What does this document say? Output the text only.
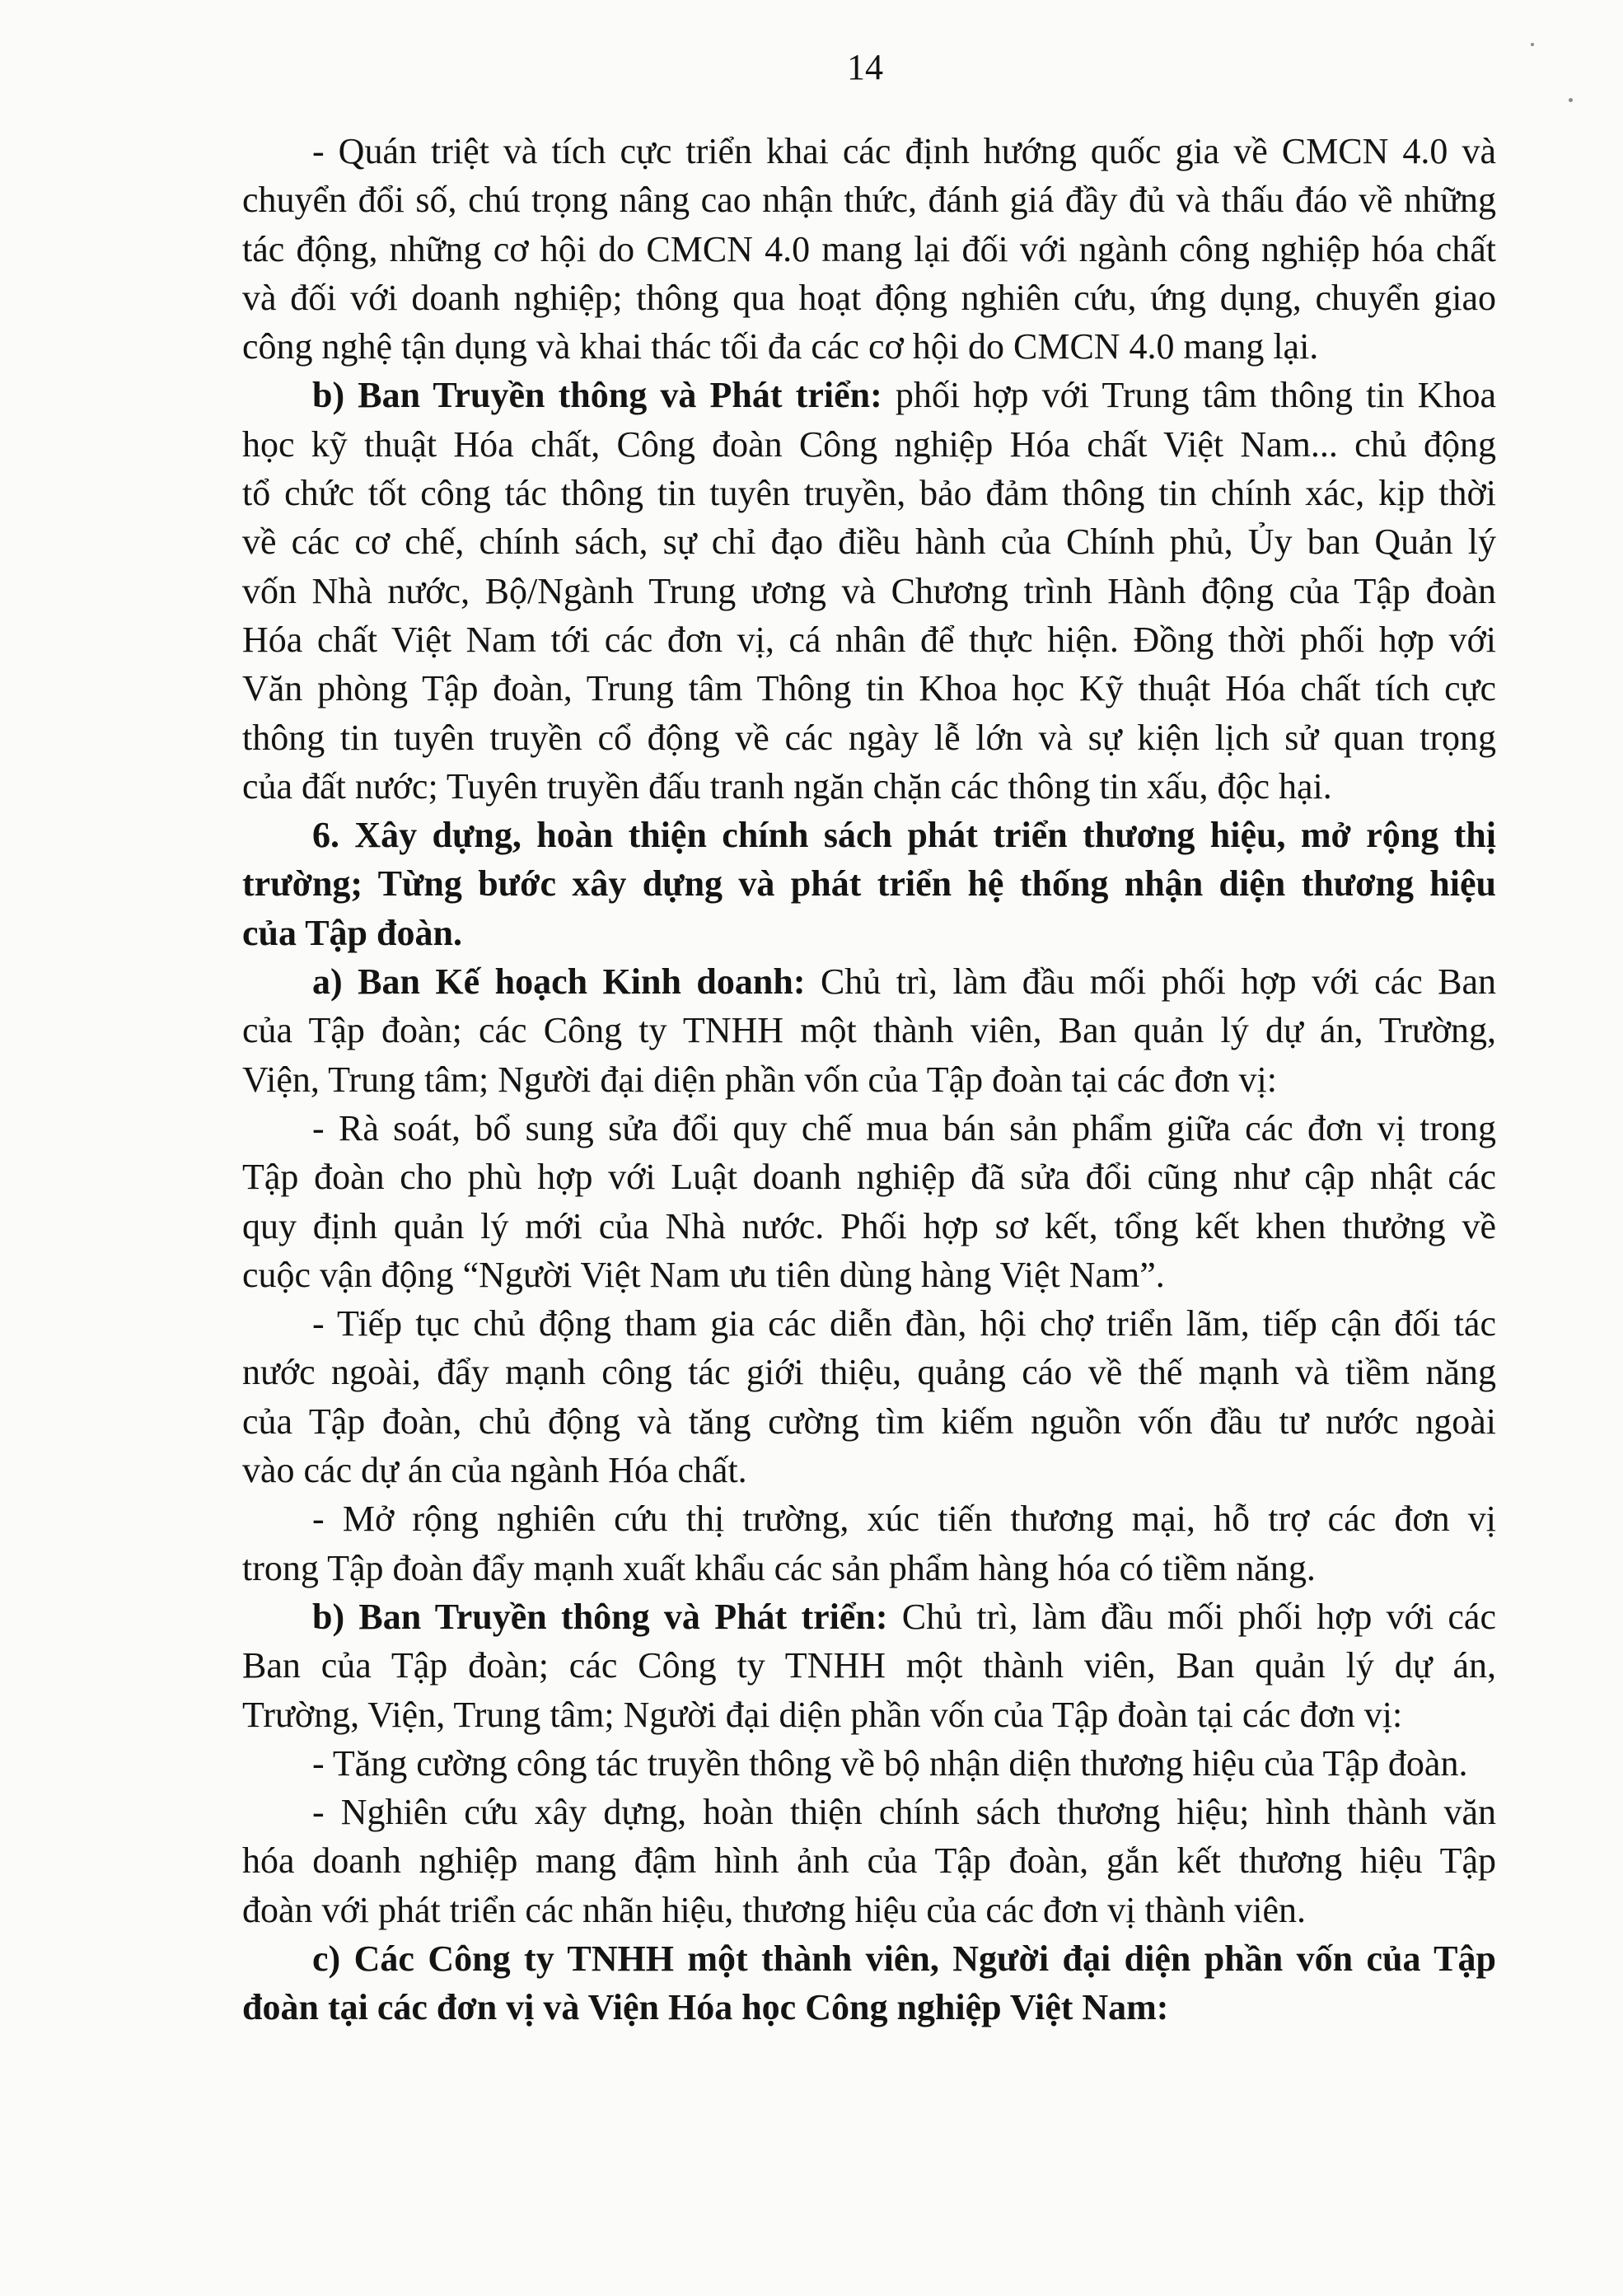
14
- Quán triệt và tích cực triển khai các định hướng quốc gia về CMCN 4.0 và
chuyển đổi số, chú trọng nâng cao nhận thức, đánh giá đầy đủ và thấu đáo về những
tác động, những cơ hội do CMCN 4.0 mang lại đối với ngành công nghiệp hóa chất
và đối với doanh nghiệp; thông qua hoạt động nghiên cứu, ứng dụng, chuyển giao
công nghệ tận dụng và khai thác tối đa các cơ hội do CMCN 4.0 mang lại.
b) Ban Truyền thông và Phát triển: phối hợp với Trung tâm thông tin Khoa
học kỹ thuật Hóa chất, Công đoàn Công nghiệp Hóa chất Việt Nam... chủ động
tổ chức tốt công tác thông tin tuyên truyền, bảo đảm thông tin chính xác, kịp thời
về các cơ chế, chính sách, sự chỉ đạo điều hành của Chính phủ, Ủy ban Quản lý
vốn Nhà nước, Bộ/Ngành Trung ương và Chương trình Hành động của Tập đoàn
Hóa chất Việt Nam tới các đơn vị, cá nhân để thực hiện. Đồng thời phối hợp với
Văn phòng Tập đoàn, Trung tâm Thông tin Khoa học Kỹ thuật Hóa chất tích cực
thông tin tuyên truyền cổ động về các ngày lễ lớn và sự kiện lịch sử quan trọng
của đất nước; Tuyên truyền đấu tranh ngăn chặn các thông tin xấu, độc hại.
6. Xây dựng, hoàn thiện chính sách phát triển thương hiệu, mở rộng thị
trường; Từng bước xây dựng và phát triển hệ thống nhận diện thương hiệu
của Tập đoàn.
a) Ban Kế hoạch Kinh doanh: Chủ trì, làm đầu mối phối hợp với các Ban
của Tập đoàn; các Công ty TNHH một thành viên, Ban quản lý dự án, Trường,
Viện, Trung tâm; Người đại diện phần vốn của Tập đoàn tại các đơn vị:
- Rà soát, bổ sung sửa đổi quy chế mua bán sản phẩm giữa các đơn vị trong
Tập đoàn cho phù hợp với Luật doanh nghiệp đã sửa đổi cũng như cập nhật các
quy định quản lý mới của Nhà nước. Phối hợp sơ kết, tổng kết khen thưởng về
cuộc vận động “Người Việt Nam ưu tiên dùng hàng Việt Nam”.
- Tiếp tục chủ động tham gia các diễn đàn, hội chợ triển lãm, tiếp cận đối tác
nước ngoài, đẩy mạnh công tác giới thiệu, quảng cáo về thế mạnh và tiềm năng
của Tập đoàn, chủ động và tăng cường tìm kiếm nguồn vốn đầu tư nước ngoài
vào các dự án của ngành Hóa chất.
- Mở rộng nghiên cứu thị trường, xúc tiến thương mại, hỗ trợ các đơn vị
trong Tập đoàn đẩy mạnh xuất khẩu các sản phẩm hàng hóa có tiềm năng.
b) Ban Truyền thông và Phát triển: Chủ trì, làm đầu mối phối hợp với các
Ban của Tập đoàn; các Công ty TNHH một thành viên, Ban quản lý dự án,
Trường, Viện, Trung tâm; Người đại diện phần vốn của Tập đoàn tại các đơn vị:
- Tăng cường công tác truyền thông về bộ nhận diện thương hiệu của Tập đoàn.
- Nghiên cứu xây dựng, hoàn thiện chính sách thương hiệu; hình thành văn
hóa doanh nghiệp mang đậm hình ảnh của Tập đoàn, gắn kết thương hiệu Tập
đoàn với phát triển các nhãn hiệu, thương hiệu của các đơn vị thành viên.
c) Các Công ty TNHH một thành viên, Người đại diện phần vốn của Tập
đoàn tại các đơn vị và Viện Hóa học Công nghiệp Việt Nam:
